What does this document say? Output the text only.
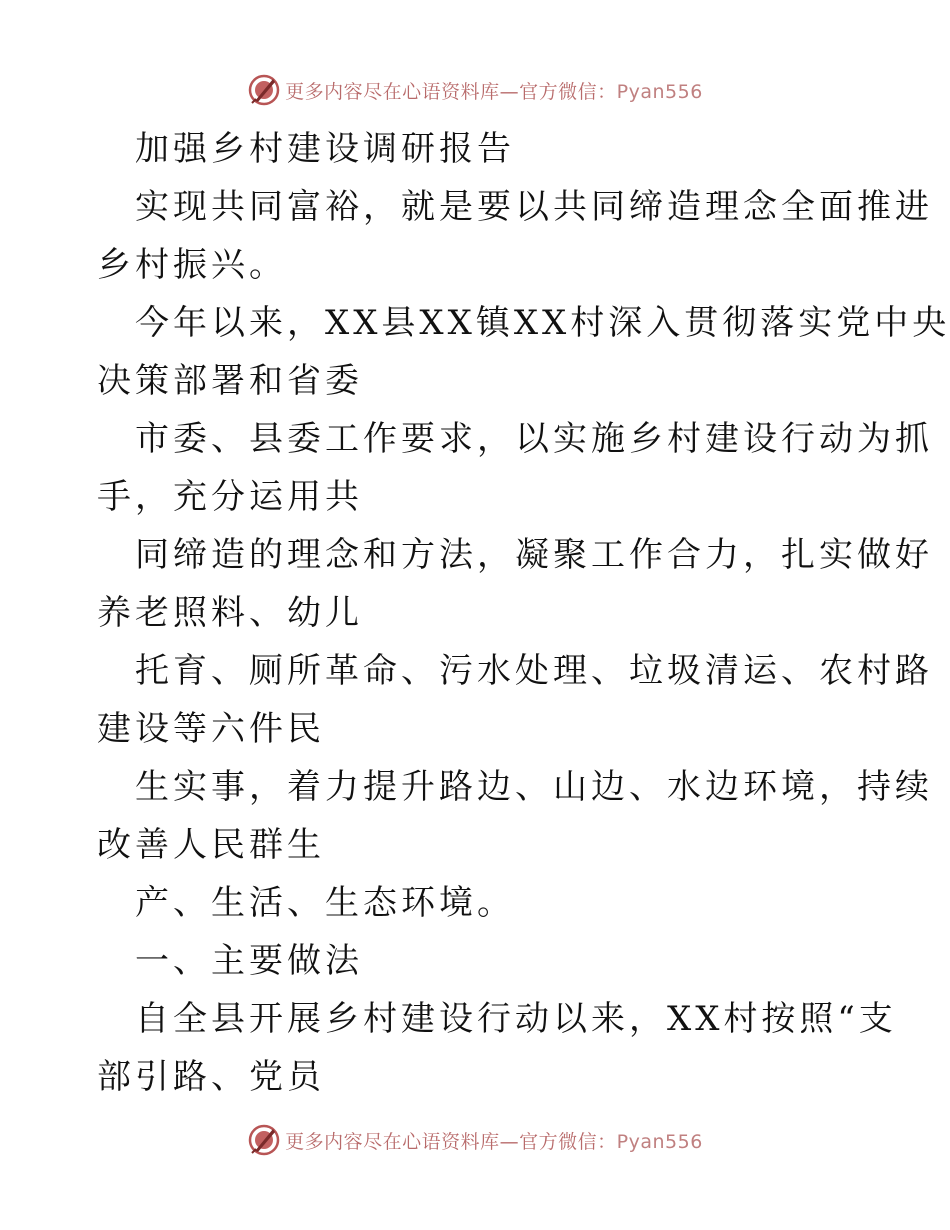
更多内容尽在心语资料库—官方微信：Pyan556

加强乡村建设调研报告

实现共同富裕，就是要以共同缔造理念全面推进

乡村振兴。

今年以来，XX县XX镇XX村深入贯彻落实党中央

决策部署和省委

市委、县委工作要求，以实施乡村建设行动为抓

手，充分运用共

同缔造的理念和方法，凝聚工作合力，扎实做好

养老照料、幼儿

托育、厕所革命、污水处理、垃圾清运、农村路

建设等六件民

生实事，着力提升路边、山边、水边环境，持续

改善人民群生

产、生活、生态环境。

一、主要做法

自全县开展乡村建设行动以来，XX村按照“支

部引路、党员

更多内容尽在心语资料库—官方微信：Pyan556
